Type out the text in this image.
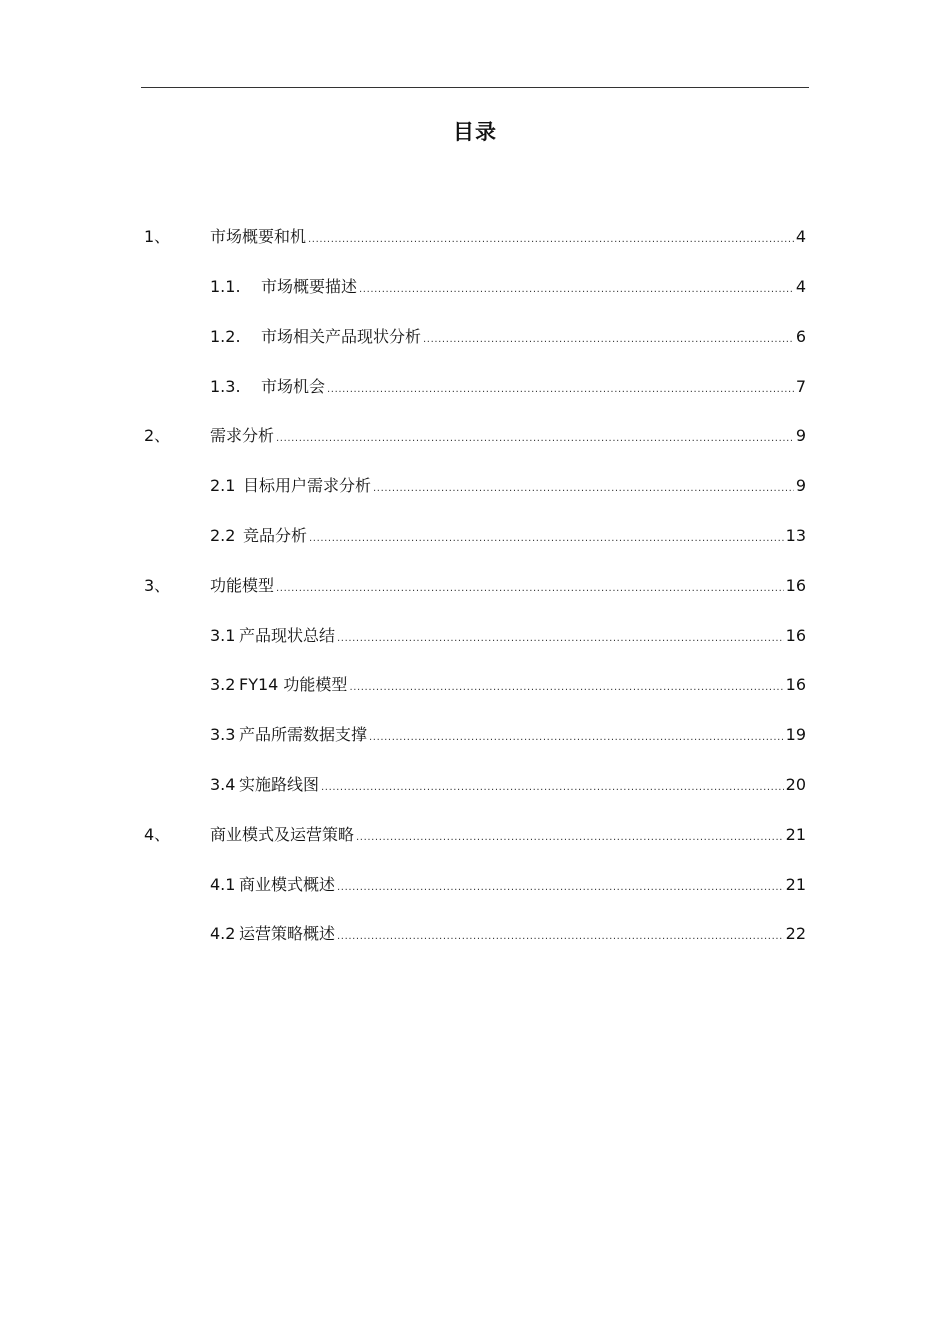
目录
1、 市场概要和机 .....	4
1.1. 市场概要描述 .....	4
1.2. 市场相关产品现状分析 .....	6
1.3. 市场机会 .....	7
2、 需求分析 .....	9
2.1 目标用户需求分析 .....	9
2.2 竞品分析 .....	13
3、 功能模型 .....	16
3.1 产品现状总结 .....	16
3.2 FY14 功能模型 .....	16
3.3 产品所需数据支撑 .....	19
3.4 实施路线图 .....	20
4、 商业模式及运营策略 .....	21
4.1 商业模式概述 .....	21
4.2 运营策略概述 .....	22
